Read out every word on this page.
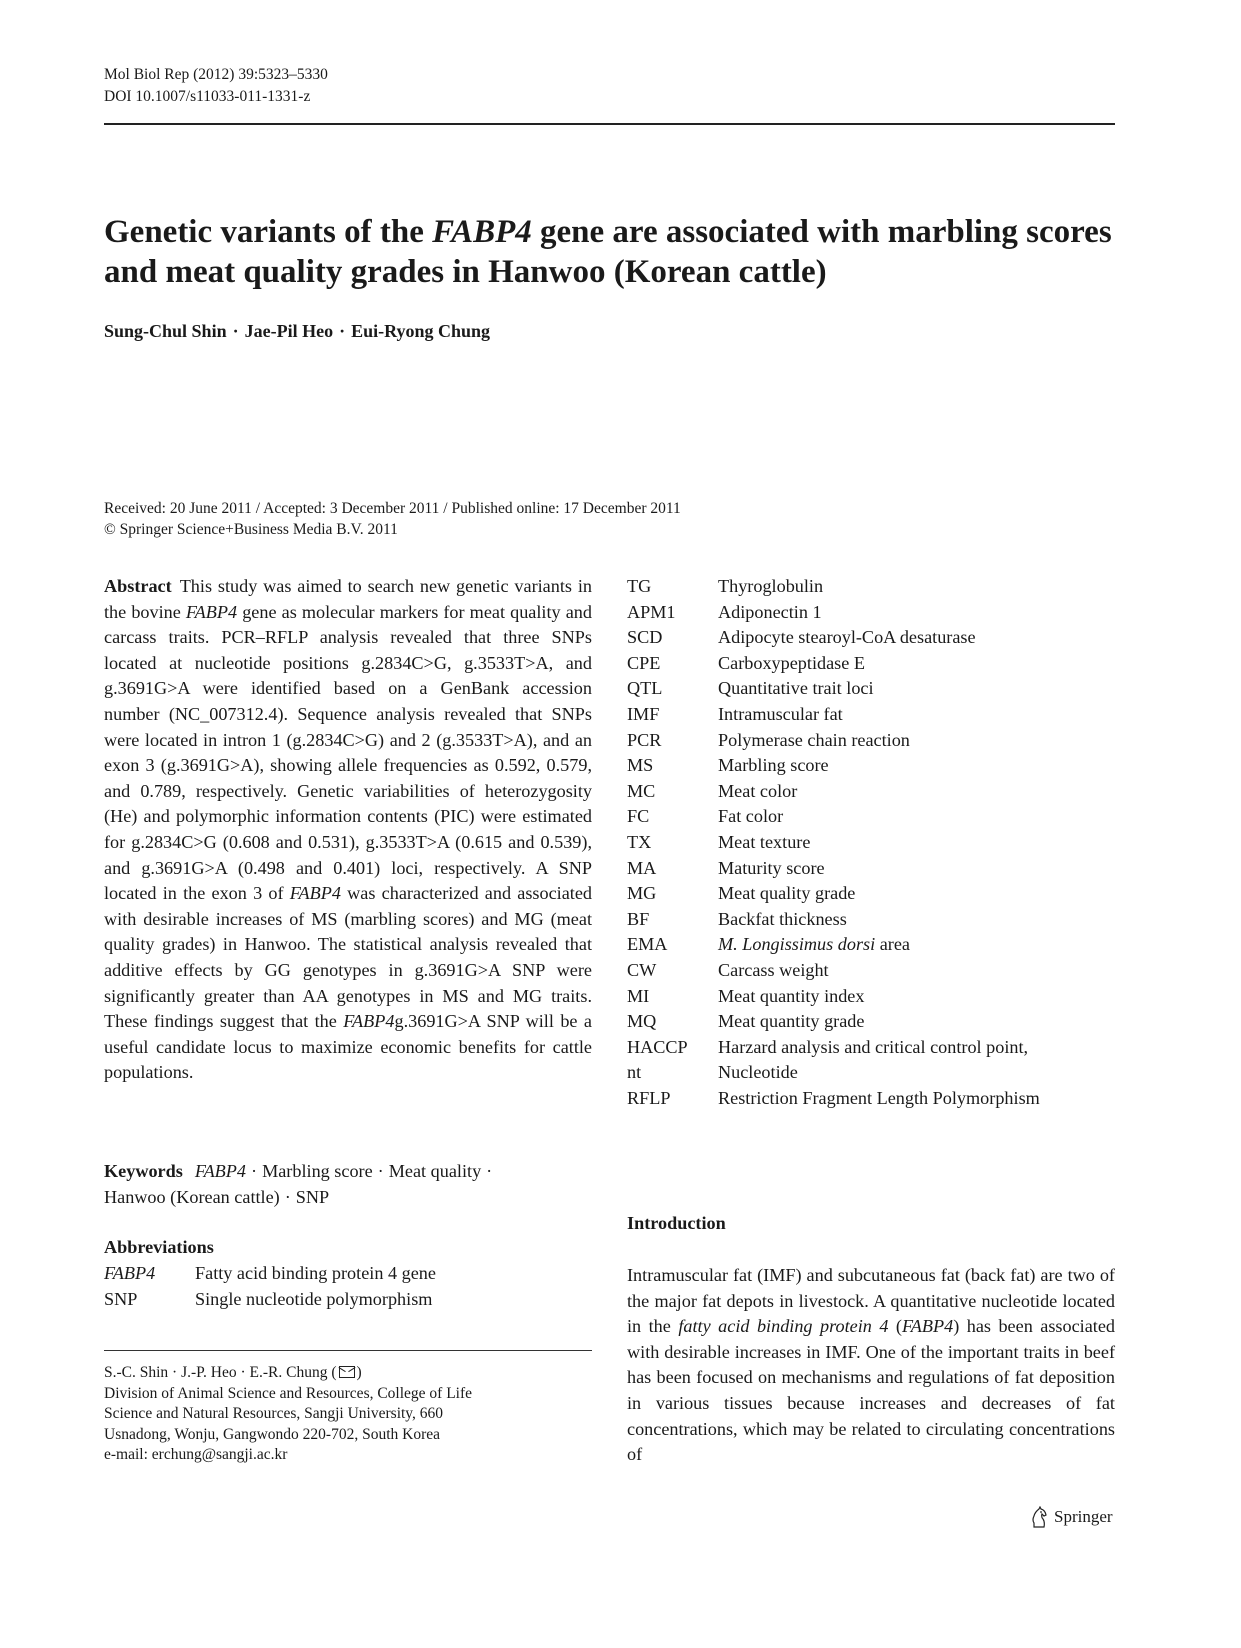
Mol Biol Rep (2012) 39:5323–5330
DOI 10.1007/s11033-011-1331-z
Genetic variants of the FABP4 gene are associated with marbling scores and meat quality grades in Hanwoo (Korean cattle)
Sung-Chul Shin · Jae-Pil Heo · Eui-Ryong Chung
Received: 20 June 2011 / Accepted: 3 December 2011 / Published online: 17 December 2011
© Springer Science+Business Media B.V. 2011
Abstract This study was aimed to search new genetic variants in the bovine FABP4 gene as molecular markers for meat quality and carcass traits. PCR–RFLP analysis revealed that three SNPs located at nucleotide positions g.2834C>G, g.3533T>A, and g.3691G>A were identified based on a GenBank accession number (NC_007312.4). Sequence analysis revealed that SNPs were located in intron 1 (g.2834C>G) and 2 (g.3533T>A), and an exon 3 (g.3691G>A), showing allele frequencies as 0.592, 0.579, and 0.789, respectively. Genetic variabilities of heterozygosity (He) and polymorphic information contents (PIC) were estimated for g.2834C>G (0.608 and 0.531), g.3533T>A (0.615 and 0.539), and g.3691G>A (0.498 and 0.401) loci, respectively. A SNP located in the exon 3 of FABP4 was characterized and associated with desirable increases of MS (marbling scores) and MG (meat quality grades) in Hanwoo. The statistical analysis revealed that additive effects by GG genotypes in g.3691G>A SNP were significantly greater than AA genotypes in MS and MG traits. These findings suggest that the FABP4g.3691G>A SNP will be a useful candidate locus to maximize economic benefits for cattle populations.
Keywords FABP4 · Marbling score · Meat quality ·
Hanwoo (Korean cattle) · SNP
Abbreviations
FABP4	Fatty acid binding protein 4 gene
SNP	Single nucleotide polymorphism
S.-C. Shin · J.-P. Heo · E.-R. Chung ( )
Division of Animal Science and Resources, College of Life
Science and Natural Resources, Sangji University, 660
Usnadong, Wonju, Gangwondo 220-702, South Korea
e-mail: erchung@sangji.ac.kr
TG	Thyroglobulin
APM1	Adiponectin 1
SCD	Adipocyte stearoyl-CoA desaturase
CPE	Carboxypeptidase E
QTL	Quantitative trait loci
IMF	Intramuscular fat
PCR	Polymerase chain reaction
MS	Marbling score
MC	Meat color
FC	Fat color
TX	Meat texture
MA	Maturity score
MG	Meat quality grade
BF	Backfat thickness
EMA	M. Longissimus dorsi area
CW	Carcass weight
MI	Meat quantity index
MQ	Meat quantity grade
HACCP	Harzard analysis and critical control point,
nt	Nucleotide
RFLP	Restriction Fragment Length Polymorphism
Introduction
Intramuscular fat (IMF) and subcutaneous fat (back fat) are two of the major fat depots in livestock. A quantitative nucleotide located in the fatty acid binding protein 4 (FABP4) has been associated with desirable increases in IMF. One of the important traits in beef has been focused on mechanisms and regulations of fat deposition in various tissues because increases and decreases of fat concentrations, which may be related to circulating concentrations of
Springer
